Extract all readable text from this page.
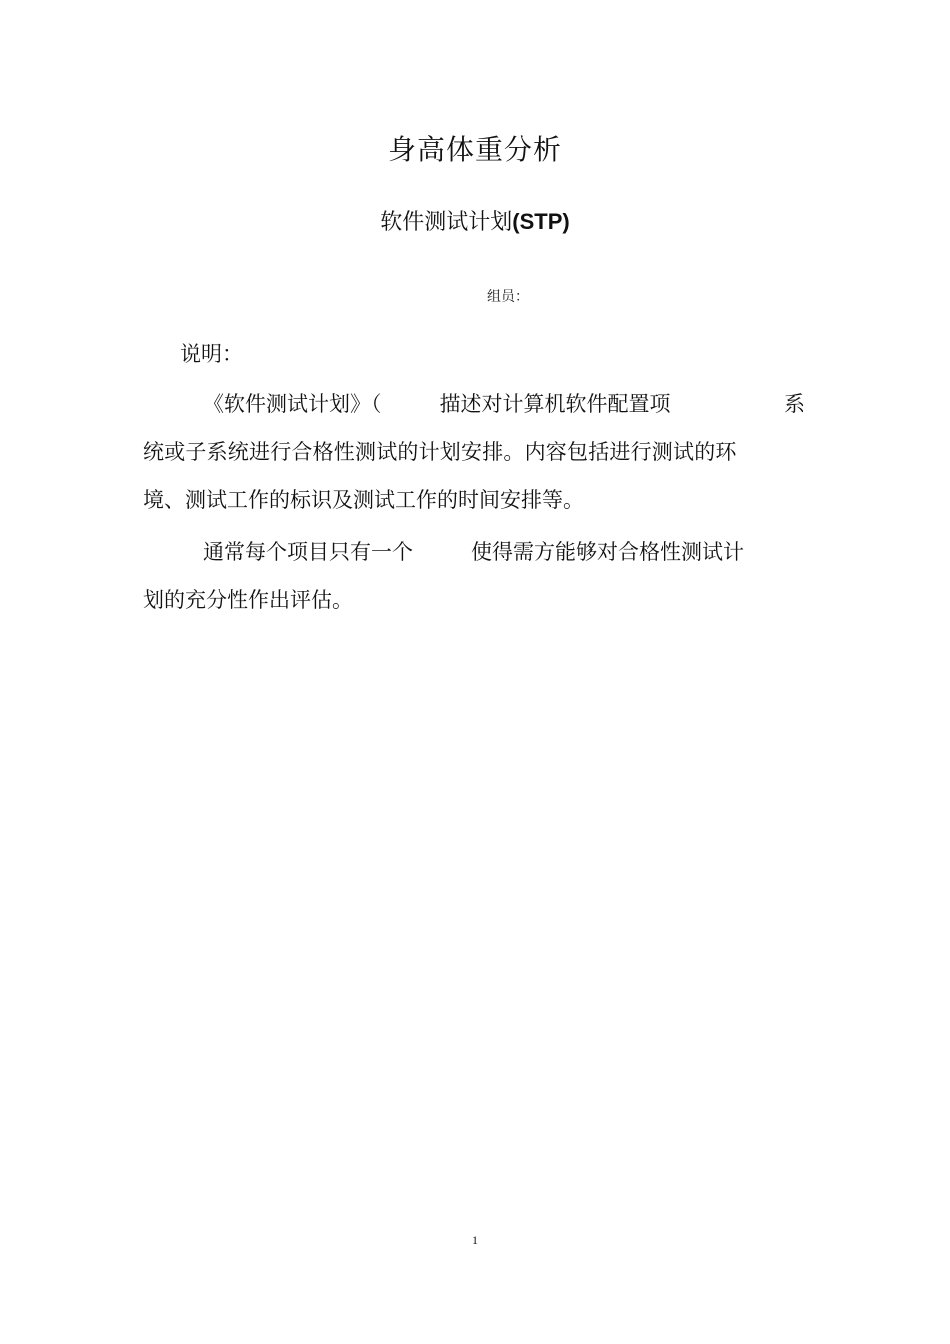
身高体重分析
软件测试计划(STP)
组员：
说明：
《软件测试计划》（	描述对计算机软件配置项	系
统或子系统进行合格性测试的计划安排。内容包括进行测试的环
境、测试工作的标识及测试工作的时间安排等。
通常每个项目只有一个	使得需方能够对合格性测试计
划的充分性作出评估。
1
